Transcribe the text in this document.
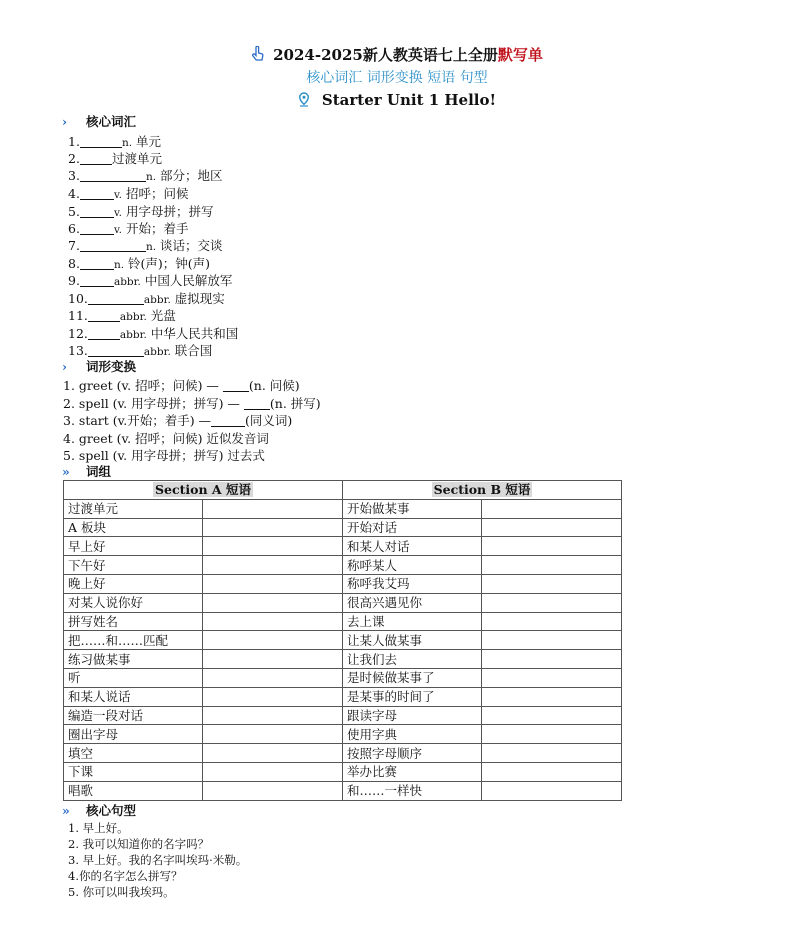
2024-2025新人教英语七上全册默写单
核心词汇 词形变换 短语 句型
Starter Unit 1 Hello!
› 核心词汇
1.	n. 单元
2.	过渡单元
3.	n. 部分；地区
4.	v. 招呼；问候
5.	v. 用字母拼；拼写
6.	v. 开始；着手
7.	n. 谈话；交谈
8.	n. 铃(声)；钟(声)
9.	abbr. 中国人民解放军
10.	abbr. 虚拟现实
11.	abbr. 光盘
12.	abbr. 中华人民共和国
13.	abbr. 联合国
› 词形变换
1. greet (v. 招呼；问候) — (n. 问候)
2. spell (v. 用字母拼；拼写) — (n. 拼写)
3. start (v.开始；着手) —	(同义词)
4. greet (v. 招呼；问候) 近似发音词
5. spell (v. 用字母拼；拼写) 过去式
» 词组
Section A 短语		Section B 短语	
过渡单元		开始做某事	
A 板块		开始对话	
早上好		和某人对话	
下午好		称呼某人	
晚上好		称呼我艾玛	
对某人说你好		很高兴遇见你	
拼写姓名		去上课	
把……和……匹配		让某人做某事	
练习做某事		让我们去	
听		是时候做某事了	
和某人说话		是某事的时间了	
编造一段对话		跟读字母	
圈出字母		使用字典	
填空		按照字母顺序	
下课		举办比赛	
唱歌		和……一样快	
» 核心句型
1. 早上好。
2. 我可以知道你的名字吗？
3. 早上好。我的名字叫埃玛·米勒。
4.你的名字怎么拼写？
5. 你可以叫我埃玛。
